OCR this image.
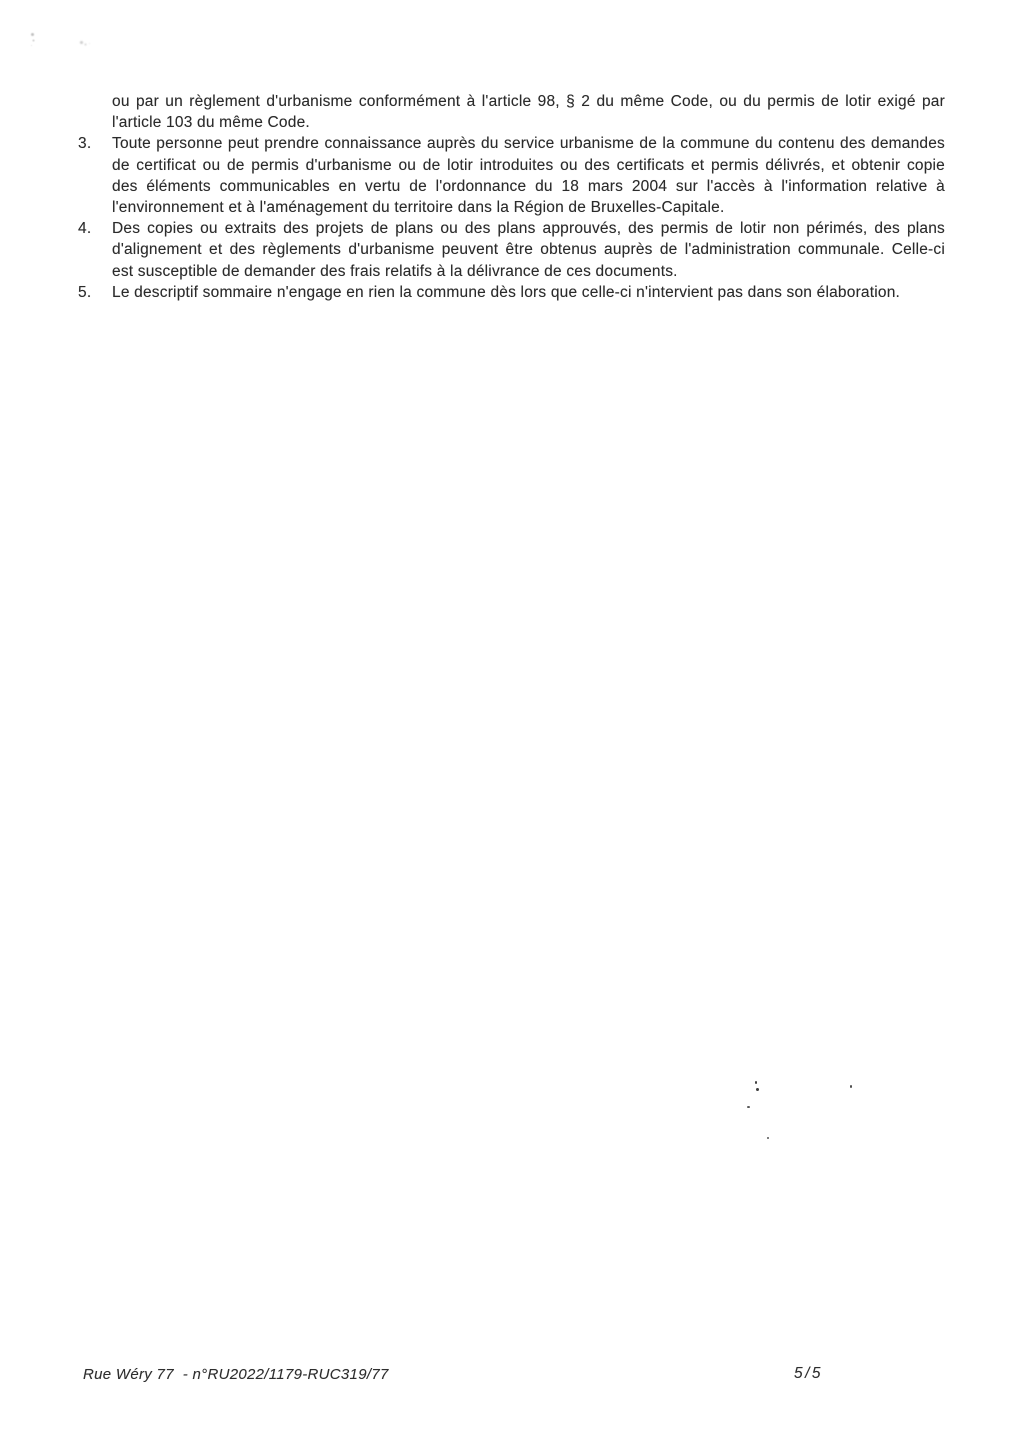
ou par un règlement d'urbanisme conformément à l'article 98, § 2 du même Code, ou du permis de lotir exigé par

l'article 103 du même Code.

3. Toute personne peut prendre connaissance auprès du service urbanisme de la commune du contenu des demandes

de certificat ou de permis d'urbanisme ou de lotir introduites ou des certificats et permis délivrés, et obtenir copie

des éléments communicables en vertu de l'ordonnance du 18 mars 2004 sur l'accès à l'information relative à

l'environnement et à l'aménagement du territoire dans la Région de Bruxelles-Capitale.

4. Des copies ou extraits des projets de plans ou des plans approuvés, des permis de lotir non périmés, des plans

d'alignement et des règlements d'urbanisme peuvent être obtenus auprès de l'administration communale. Celle-ci

est susceptible de demander des frais relatifs à la délivrance de ces documents.

5. Le descriptif sommaire n'engage en rien la commune dès lors que celle-ci n'intervient pas dans son élaboration.

Rue Wéry 77  - n°RU2022/1179-RUC319/77	5/5
